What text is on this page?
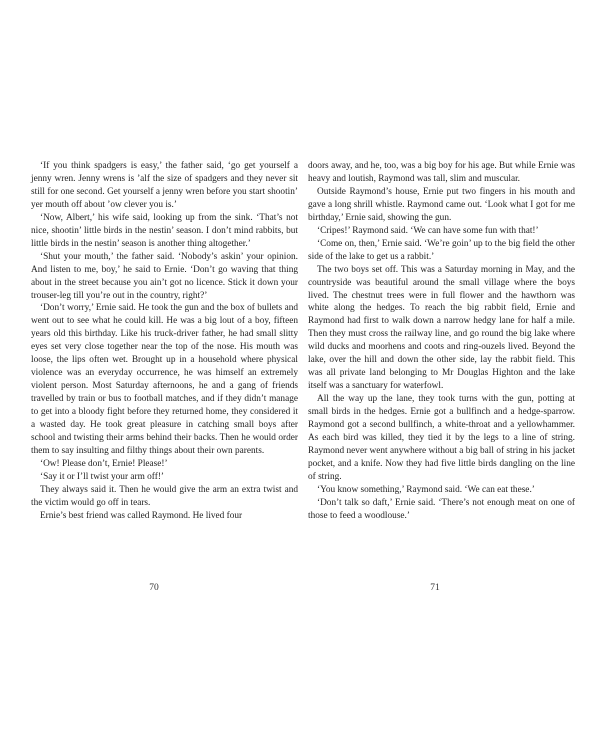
‘If you think spadgers is easy,’ the father said, ‘go get yourself a jenny wren. Jenny wrens is ’alf the size of spadgers and they never sit still for one second. Get yourself a jenny wren before you start shootin’ yer mouth off about ’ow clever you is.’

‘Now, Albert,’ his wife said, looking up from the sink. ‘That’s not nice, shootin’ little birds in the nestin’ season. I don’t mind rabbits, but little birds in the nestin’ season is another thing altogether.’

‘Shut your mouth,’ the father said. ‘Nobody’s askin’ your opinion. And listen to me, boy,’ he said to Ernie. ‘Don’t go waving that thing about in the street because you ain’t got no licence. Stick it down your trouser-leg till you’re out in the country, right?’

‘Don’t worry,’ Ernie said. He took the gun and the box of bullets and went out to see what he could kill. He was a big lout of a boy, fifteen years old this birthday. Like his truck-driver father, he had small slitty eyes set very close together near the top of the nose. His mouth was loose, the lips often wet. Brought up in a household where physical violence was an everyday occurrence, he was himself an extremely violent person. Most Saturday afternoons, he and a gang of friends travelled by train or bus to football matches, and if they didn’t manage to get into a bloody fight before they returned home, they considered it a wasted day. He took great pleasure in catching small boys after school and twisting their arms behind their backs. Then he would order them to say insulting and filthy things about their own parents.

‘Ow! Please don’t, Ernie! Please!’

‘Say it or I’ll twist your arm off!’

They always said it. Then he would give the arm an extra twist and the victim would go off in tears.

Ernie’s best friend was called Raymond. He lived four

70

doors away, and he, too, was a big boy for his age. But while Ernie was heavy and loutish, Raymond was tall, slim and muscular.

Outside Raymond’s house, Ernie put two fingers in his mouth and gave a long shrill whistle. Raymond came out. ‘Look what I got for me birthday,’ Ernie said, showing the gun.

‘Cripes!’ Raymond said. ‘We can have some fun with that!’

‘Come on, then,’ Ernie said. ‘We’re goin’ up to the big field the other side of the lake to get us a rabbit.’

The two boys set off. This was a Saturday morning in May, and the countryside was beautiful around the small village where the boys lived. The chestnut trees were in full flower and the hawthorn was white along the hedges. To reach the big rabbit field, Ernie and Raymond had first to walk down a narrow hedgy lane for half a mile. Then they must cross the railway line, and go round the big lake where wild ducks and moorhens and coots and ring-ouzels lived. Beyond the lake, over the hill and down the other side, lay the rabbit field. This was all private land belonging to Mr Douglas Highton and the lake itself was a sanctuary for waterfowl.

All the way up the lane, they took turns with the gun, potting at small birds in the hedges. Ernie got a bullfinch and a hedge-sparrow. Raymond got a second bullfinch, a white-throat and a yellowhammer. As each bird was killed, they tied it by the legs to a line of string. Raymond never went anywhere without a big ball of string in his jacket pocket, and a knife. Now they had five little birds dangling on the line of string.

‘You know something,’ Raymond said. ‘We can eat these.’

‘Don’t talk so daft,’ Ernie said. ‘There’s not enough meat on one of those to feed a woodlouse.’

71
